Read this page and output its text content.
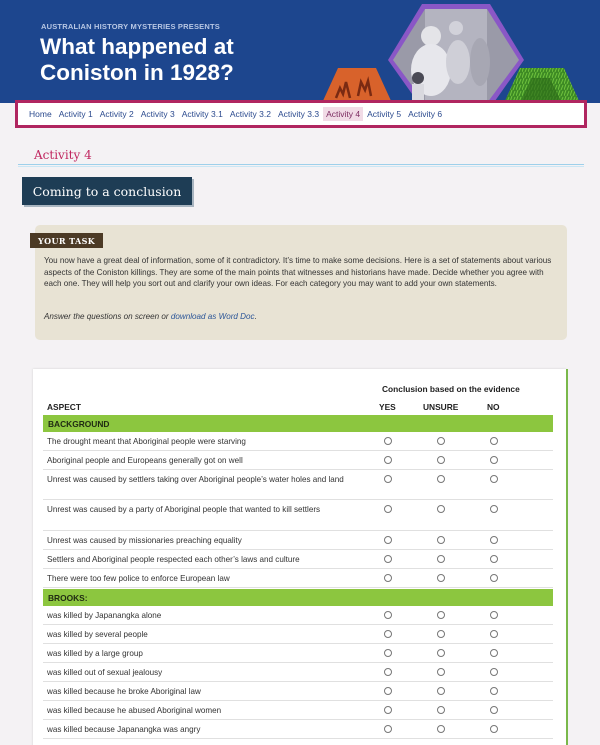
AUSTRALIAN HISTORY MYSTERIES PRESENTS
What happened at Coniston in 1928?
Home Activity 1 Activity 2 Activity 3 Activity 3.1 Activity 3.2 Activity 3.3 Activity 4 Activity 5 Activity 6
Activity 4
Coming to a conclusion
YOUR TASK
You now have a great deal of information, some of it contradictory. It’s time to make some decisions. Here is a set of statements about various aspects of the Coniston killings. They are some of the main points that witnesses and historians have made. Decide whether you agree with each one. They will help you sort out and clarify your own ideas. For each category you may want to add your own statements.
Answer the questions on screen or download as Word Doc.
Conclusion based on the evidence
ASPECT	YES	UNSURE	NO
BACKGROUND
The drought meant that Aboriginal people were starving
Aboriginal people and Europeans generally got on well
Unrest was caused by settlers taking over Aboriginal people’s water holes and land
Unrest was caused by a party of Aboriginal people that wanted to kill settlers
Unrest was caused by missionaries preaching equality
Settlers and Aboriginal people respected each other’s laws and culture
There were too few police to enforce European law
BROOKS:
was killed by Japanangka alone
was killed by several people
was killed by a large group
was killed out of sexual jealousy
was killed because he broke Aboriginal law
was killed because he abused Aboriginal women
was killed because Japanangka was angry
